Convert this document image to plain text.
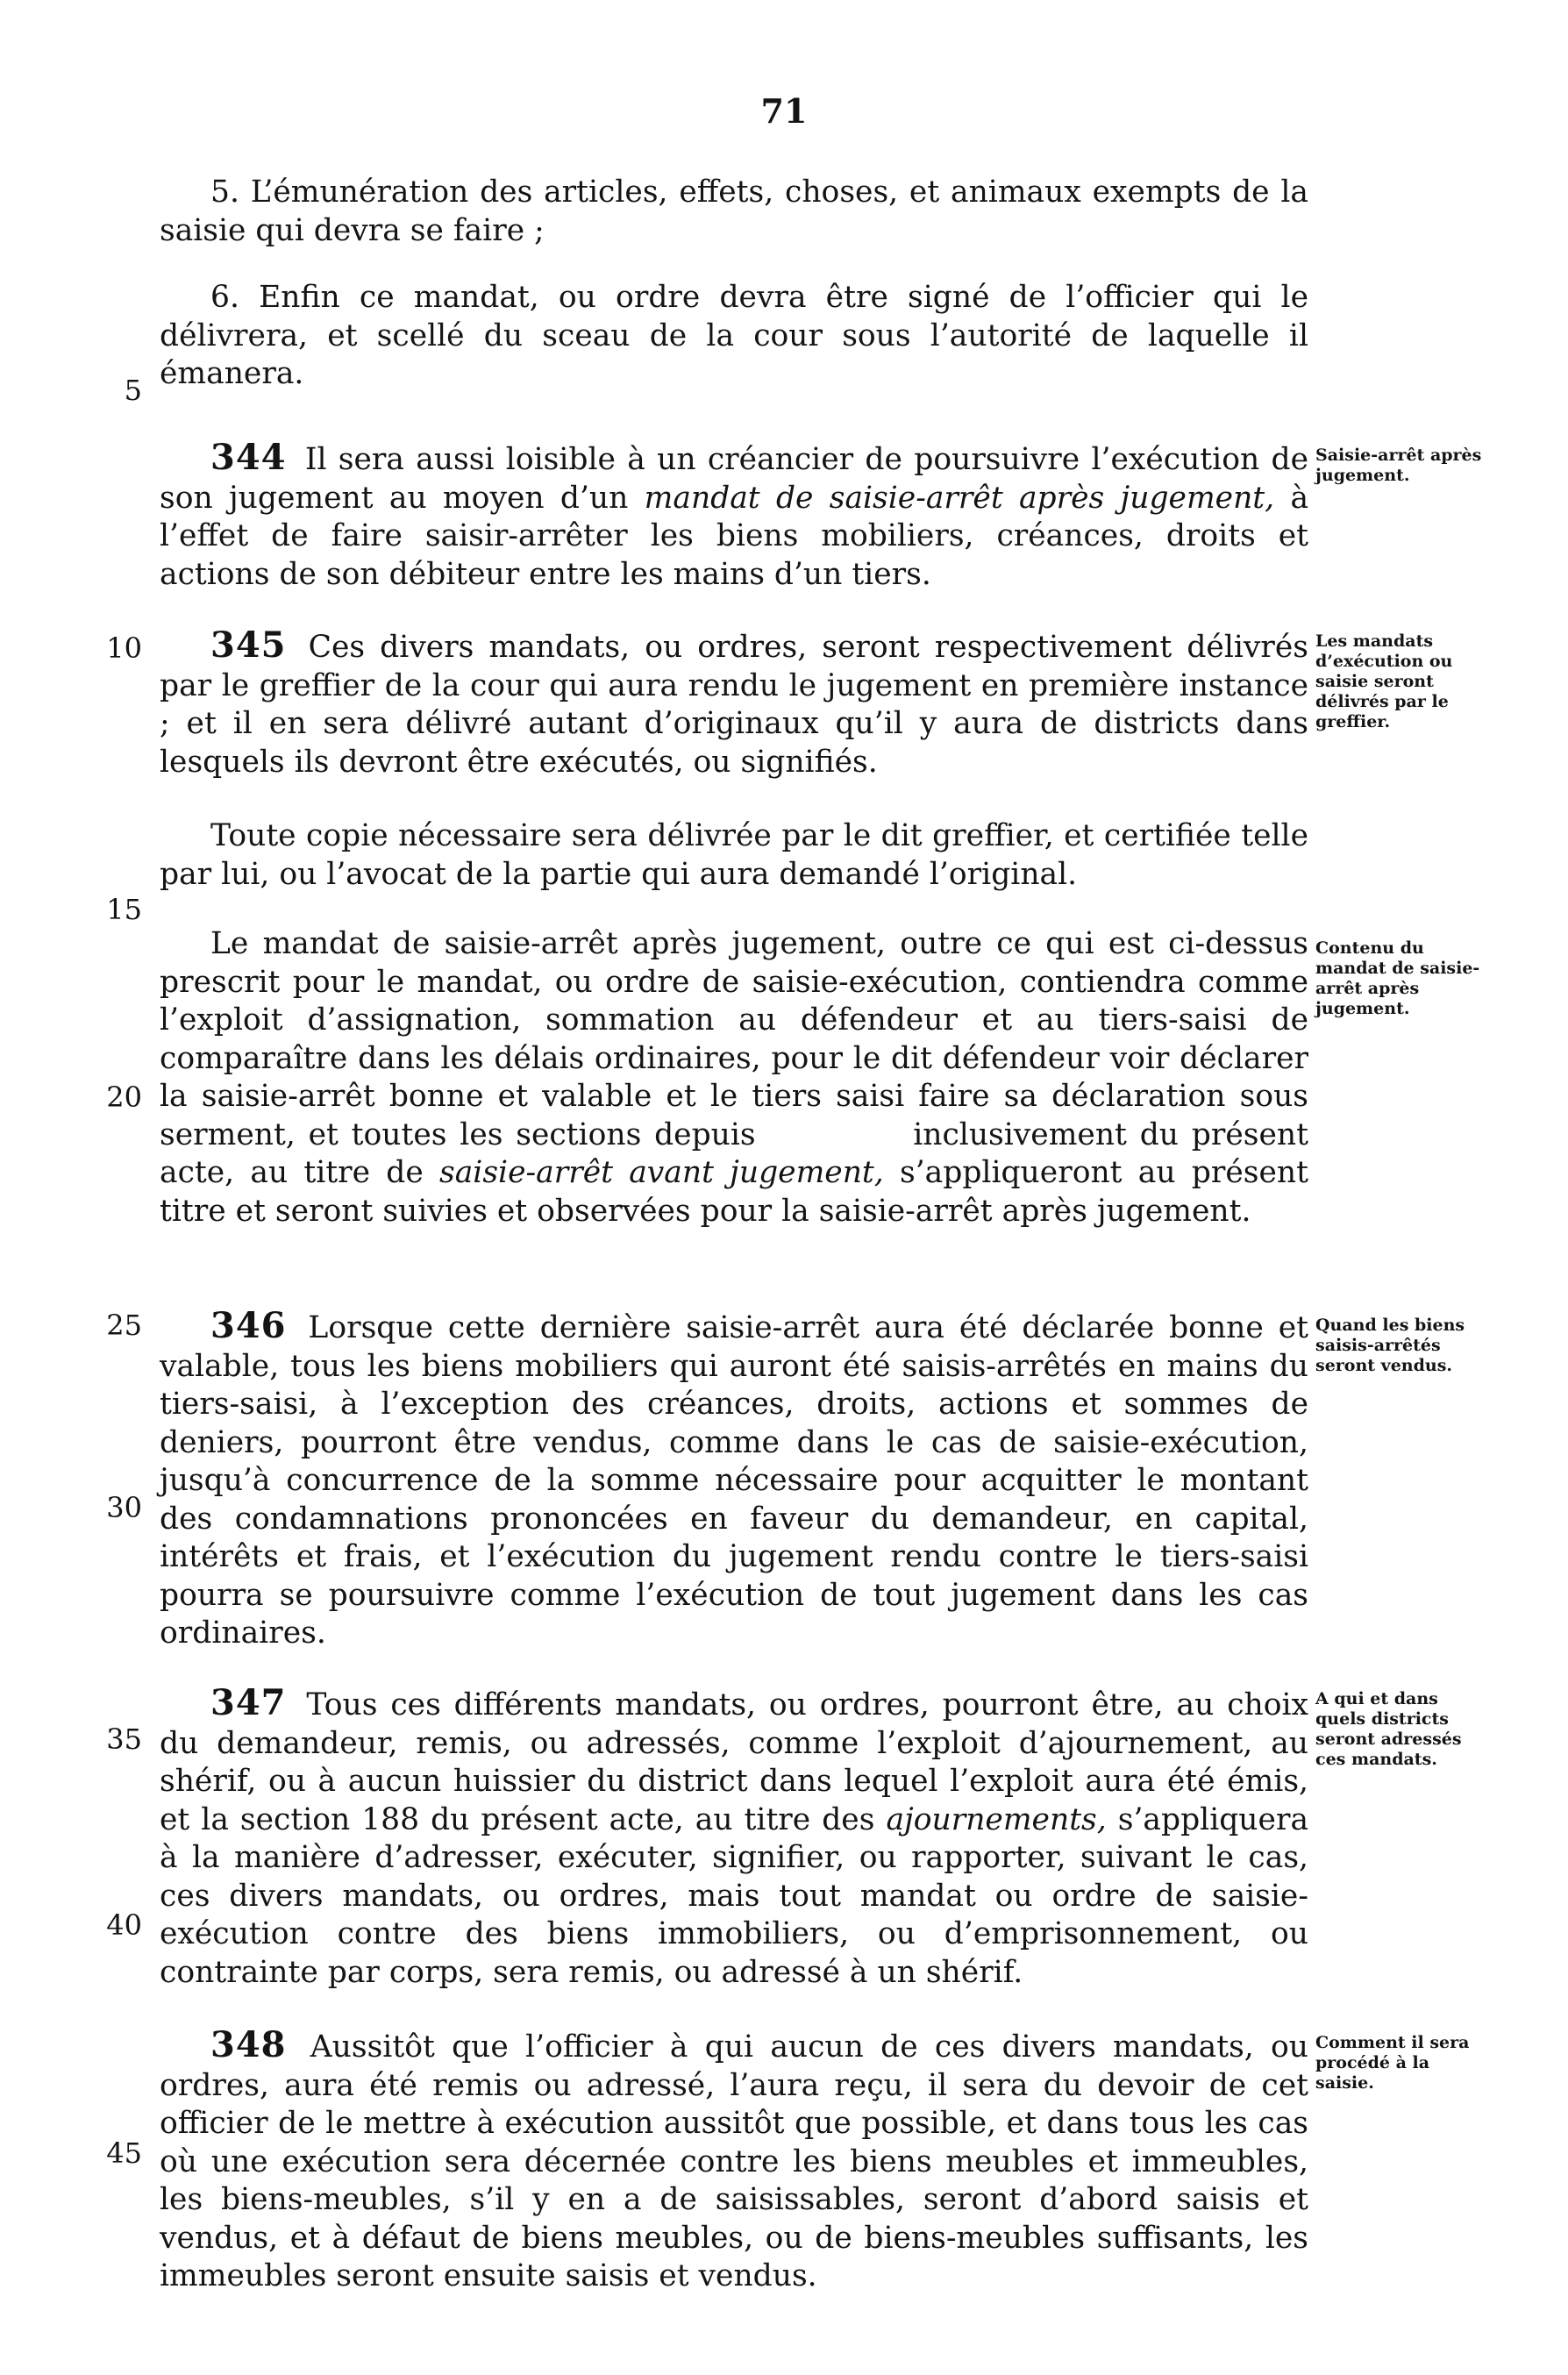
71
5. L’émunération des articles, effets, choses, et animaux exempts de la saisie qui devra se faire ;
6. Enfin ce mandat, ou ordre devra être signé de l’officier qui le délivrera, et scellé du sceau de la cour sous l’autorité de laquelle il émanera.
344 Il sera aussi loisible à un créancier de poursuivre l’exécution de son jugement au moyen d’un mandat de saisie-arrêt après jugement, à l’effet de faire saisir-arrêter les biens mobiliers, créances, droits et actions de son débiteur entre les mains d’un tiers.
345 Ces divers mandats, ou ordres, seront respectivement délivrés par le greffier de la cour qui aura rendu le jugement en première instance ; et il en sera délivré autant d’originaux qu’il y aura de districts dans lesquels ils devront être exécutés, ou signifiés.
Toute copie nécessaire sera délivrée par le dit greffier, et certifiée telle par lui, ou l’avocat de la partie qui aura demandé l’original.
Le mandat de saisie-arrêt après jugement, outre ce qui est ci-dessus prescrit pour le mandat, ou ordre de saisie-exécution, contiendra comme l’exploit d’assignation, sommation au défendeur et au tiers-saisi de comparaître dans les délais ordinaires, pour le dit défendeur voir déclarer la saisie-arrêt bonne et valable et le tiers saisi faire sa déclaration sous serment, et toutes les sections depuis	inclusivement du présent acte, au titre de saisie-arrêt avant jugement, s’appliqueront au présent titre et seront suivies et observées pour la saisie-arrêt après jugement.
346 Lorsque cette dernière saisie-arrêt aura été déclarée bonne et valable, tous les biens mobiliers qui auront été saisis-arrêtés en mains du tiers-saisi, à l’exception des créances, droits, actions et sommes de deniers, pourront être vendus, comme dans le cas de saisie-exécution, jusqu’à concurrence de la somme nécessaire pour acquitter le montant des condamnations prononcées en faveur du demandeur, en capital, intérêts et frais, et l’exécution du jugement rendu contre le tiers-saisi pourra se poursuivre comme l’exécution de tout jugement dans les cas ordinaires.
347 Tous ces différents mandats, ou ordres, pourront être, au choix du demandeur, remis, ou adressés, comme l’exploit d’ajournement, au shérif, ou à aucun huissier du district dans lequel l’exploit aura été émis, et la section 188 du présent acte, au titre des ajournements, s’appliquera à la manière d’adresser, exécuter, signifier, ou rapporter, suivant le cas, ces divers mandats, ou ordres, mais tout mandat ou ordre de saisie-exécution contre des biens immobiliers, ou d’emprisonnement, ou contrainte par corps, sera remis, ou adressé à un shérif.
348 Aussitôt que l’officier à qui aucun de ces divers mandats, ou ordres, aura été remis ou adressé, l’aura reçu, il sera du devoir de cet officier de le mettre à exécution aussitôt que possible, et dans tous les cas où une exécution sera décernée contre les biens meubles et immeubles, les biens-meubles, s’il y en a de saisissables, seront d’abord saisis et vendus, et à défaut de biens meubles, ou de biens-meubles suffisants, les immeubles seront ensuite saisis et vendus.
5
10
15
20
25
30
35
40
45
Saisie-arrêt après jugement.
Les mandats d’exécution ou saisie seront délivrés par le greffier.
Contenu du mandat de saisie-arrêt après jugement.
Quand les biens saisis-arrêtés seront vendus.
A qui et dans quels districts seront adressés ces mandats.
Comment il sera procédé à la saisie.
